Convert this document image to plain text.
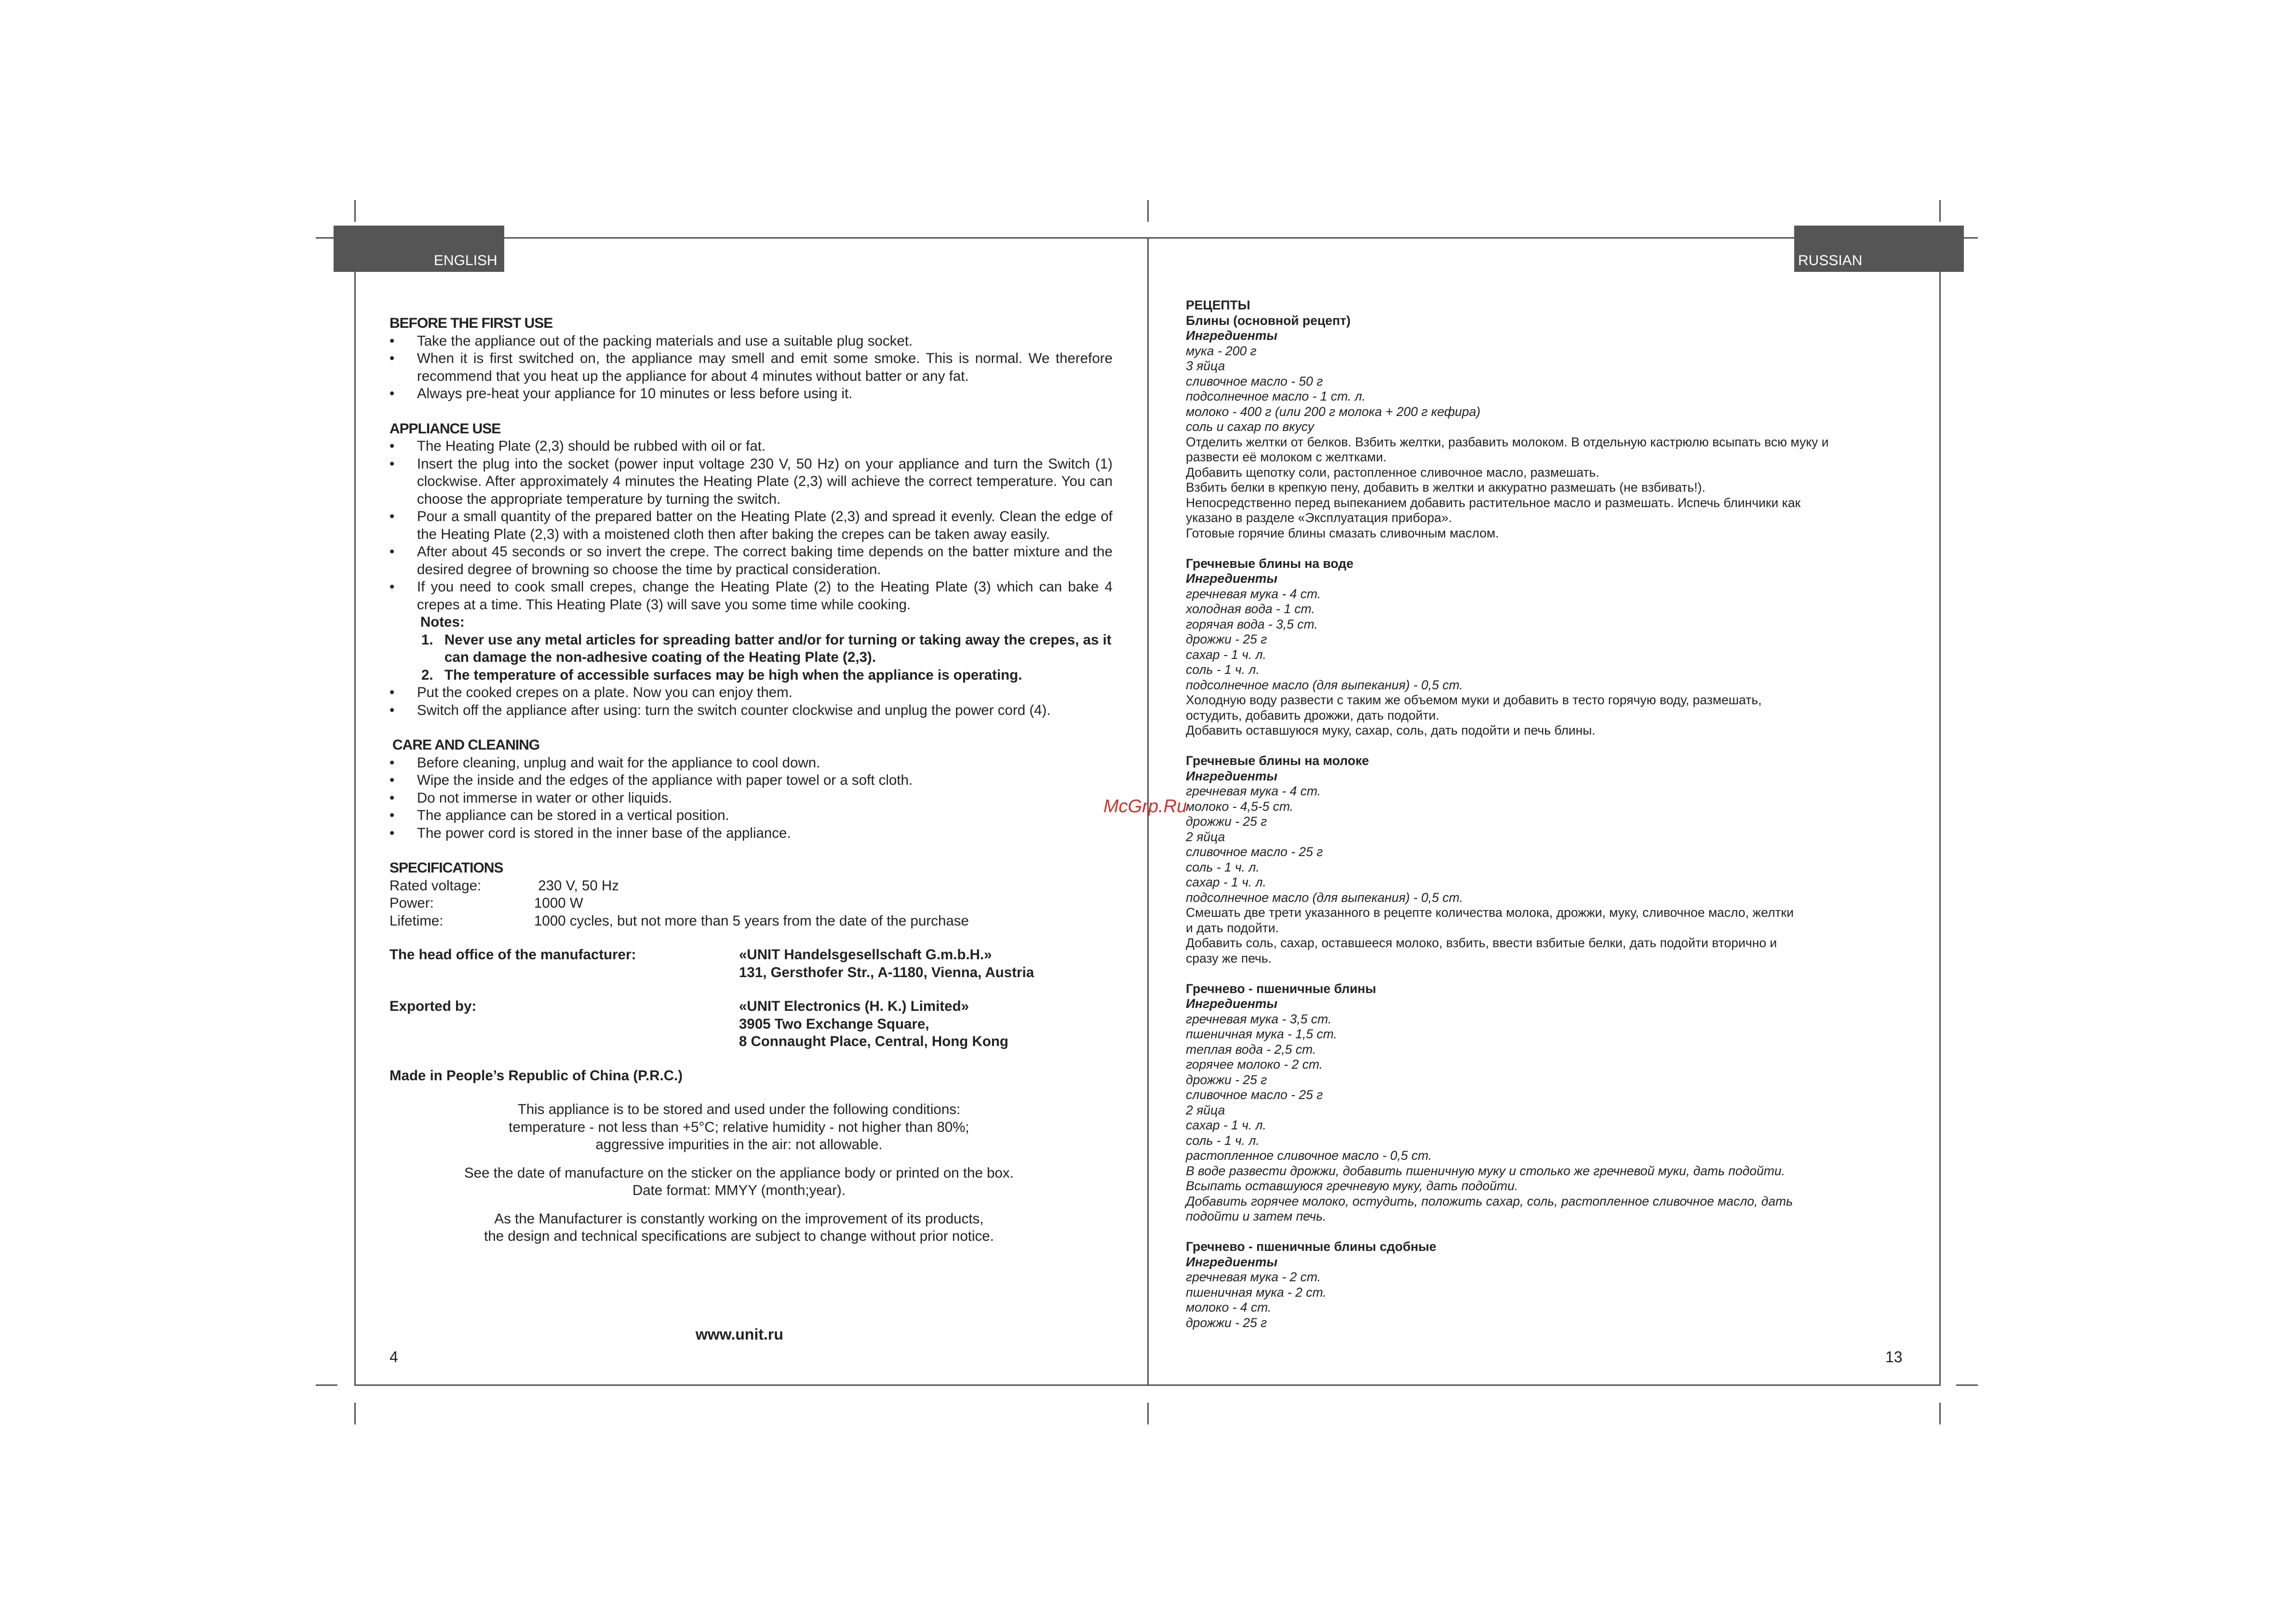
ENGLISH	RUSSIAN
BEFORE THE FIRST USE
• Take the appliance out of the packing materials and use a suitable plug socket.
• When it is first switched on, the appliance may smell and emit some smoke. This is normal. We therefore recommend that you heat up the appliance for about 4 minutes without batter or any fat.
• Always pre-heat your appliance for 10 minutes or less before using it.
APPLIANCE USE
• The Heating Plate (2,3) should be rubbed with oil or fat.
• Insert the plug into the socket (power input voltage 230 V, 50 Hz) on your appliance and turn the Switch (1) clockwise. After approximately 4 minutes the Heating Plate (2,3) will achieve the correct temperature. You can choose the appropriate temperature by turning the switch.
• Pour a small quantity of the prepared batter on the Heating Plate (2,3) and spread it evenly. Clean the edge of the Heating Plate (2,3) with a moistened cloth then after baking the crepes can be taken away easily.
• After about 45 seconds or so invert the crepe. The correct baking time depends on the batter mixture and the desired degree of browning so choose the time by practical consideration.
• If you need to cook small crepes, change the Heating Plate (2) to the Heating Plate (3) which can bake 4 crepes at a time. This Heating Plate (3) will save you some time while cooking.

Notes:

1. Never use any metal articles for spreading batter and/or for turning or taking away the crepes, as it can damage the non-adhesive coating of the Heating Plate (2,3).

2. The temperature of accessible surfaces may be high when the appliance is operating.

• Put the cooked crepes on a plate. Now you can enjoy them.
• Switch off the appliance after using: turn the switch counter clockwise and unplug the power cord (4).
CARE AND CLEANING
• Before cleaning, unplug and wait for the appliance to cool down.
• Wipe the inside and the edges of the appliance with paper towel or a soft cloth.
• Do not immerse in water or other liquids.
• The appliance can be stored in a vertical position.
• The power cord is stored in the inner base of the appliance.
SPECIFICATIONS
Rated voltage:	230 V, 50 Hz
Power:	1000 W
Lifetime:	1000 cycles, but not more than 5 years from the date of the purchase
The head office of the manufacturer:	«UNIT Handelsgesellschaft G.m.b.H.»
131, Gersthofer Str., A-1180, Vienna, Austria
Exported by:	«UNIT Electronics (H. K.) Limited»
3905 Two Exchange Square,
8 Connaught Place, Central, Hong Kong

Made in People’s Republic of China (P.R.C.)

This appliance is to be stored and used under the following conditions:

temperature - not less than +5°C; relative humidity - not higher than 80%;

aggressive impurities in the air: not allowable.

See the date of manufacture on the sticker on the appliance body or printed on the box.

Date format: MMYY (month;year).

As the Manufacturer is constantly working on the improvement of its products,

the design and technical specifications are subject to change without prior notice.

www.unit.ru
4

РЕЦЕПТЫ

Блины (основной рецепт)

Ингредиенты

мука - 200 г

3 яйца

сливочное масло - 50 г

подсолнечное масло - 1 ст. л.

молоко - 400 г (или 200 г молока + 200 г кефира)

соль и сахар по вкусу

Отделить желтки от белков. Взбить желтки, разбавить молоком. В отдельную кастрюлю всыпать всю муку и

развести её молоком с желтками.

Добавить щепотку соли, растопленное сливочное масло, размешать.

Взбить белки в крепкую пену, добавить в желтки и аккуратно размешать (не взбивать!).

Непосредственно перед выпеканием добавить растительное масло и размешать. Испечь блинчики как

указано в разделе «Эксплуатация прибора».

Готовые горячие блины смазать сливочным маслом.

Гречневые блины на воде

Ингредиенты

гречневая мука - 4 ст.

холодная вода - 1 ст.

горячая вода - 3,5 ст.

дрожжи - 25 г

сахар - 1 ч. л.

соль - 1 ч. л.

подсолнечное масло (для выпекания) - 0,5 ст.

Холодную воду развести с таким же объемом муки и добавить в тесто горячую воду, размешать,

остудить, добавить дрожжи, дать подойти.

Добавить оставшуюся муку, сахар, соль, дать подойти и печь блины.

Гречневые блины на молоке

Ингредиенты

гречневая мука - 4 ст.

молоко - 4,5-5 ст.

дрожжи - 25 г

2 яйца

сливочное масло - 25 г

соль - 1 ч. л.

сахар - 1 ч. л.

подсолнечное масло (для выпекания) - 0,5 ст.

Смешать две трети указанного в рецепте количества молока, дрожжи, муку, сливочное масло, желтки

и дать подойти.

Добавить соль, сахар, оставшееся молоко, взбить, ввести взбитые белки, дать подойти вторично и

сразу же печь.

Гречнево - пшеничные блины

Ингредиенты

гречневая мука - 3,5 ст.

пшеничная мука - 1,5 ст.

теплая вода - 2,5 ст.

горячее молоко - 2 ст.

дрожжи - 25 г

сливочное масло - 25 г

2 яйца

сахар - 1 ч. л.

соль - 1 ч. л.

растопленное сливочное масло - 0,5 ст.

В воде развести дрожжи, добавить пшеничную муку и столько же гречневой муки, дать подойти.

Всыпать оставшуюся гречневую муку, дать подойти.

Добавить горячее молоко, остудить, положить сахар, соль, растопленное сливочное масло, дать

подойти и затем печь.

Гречнево - пшеничные блины сдобные

Ингредиенты

гречневая мука - 2 ст.

пшеничная мука - 2 ст.

молоко - 4 ст.

дрожжи - 25 г

13
McGrp.Ru
